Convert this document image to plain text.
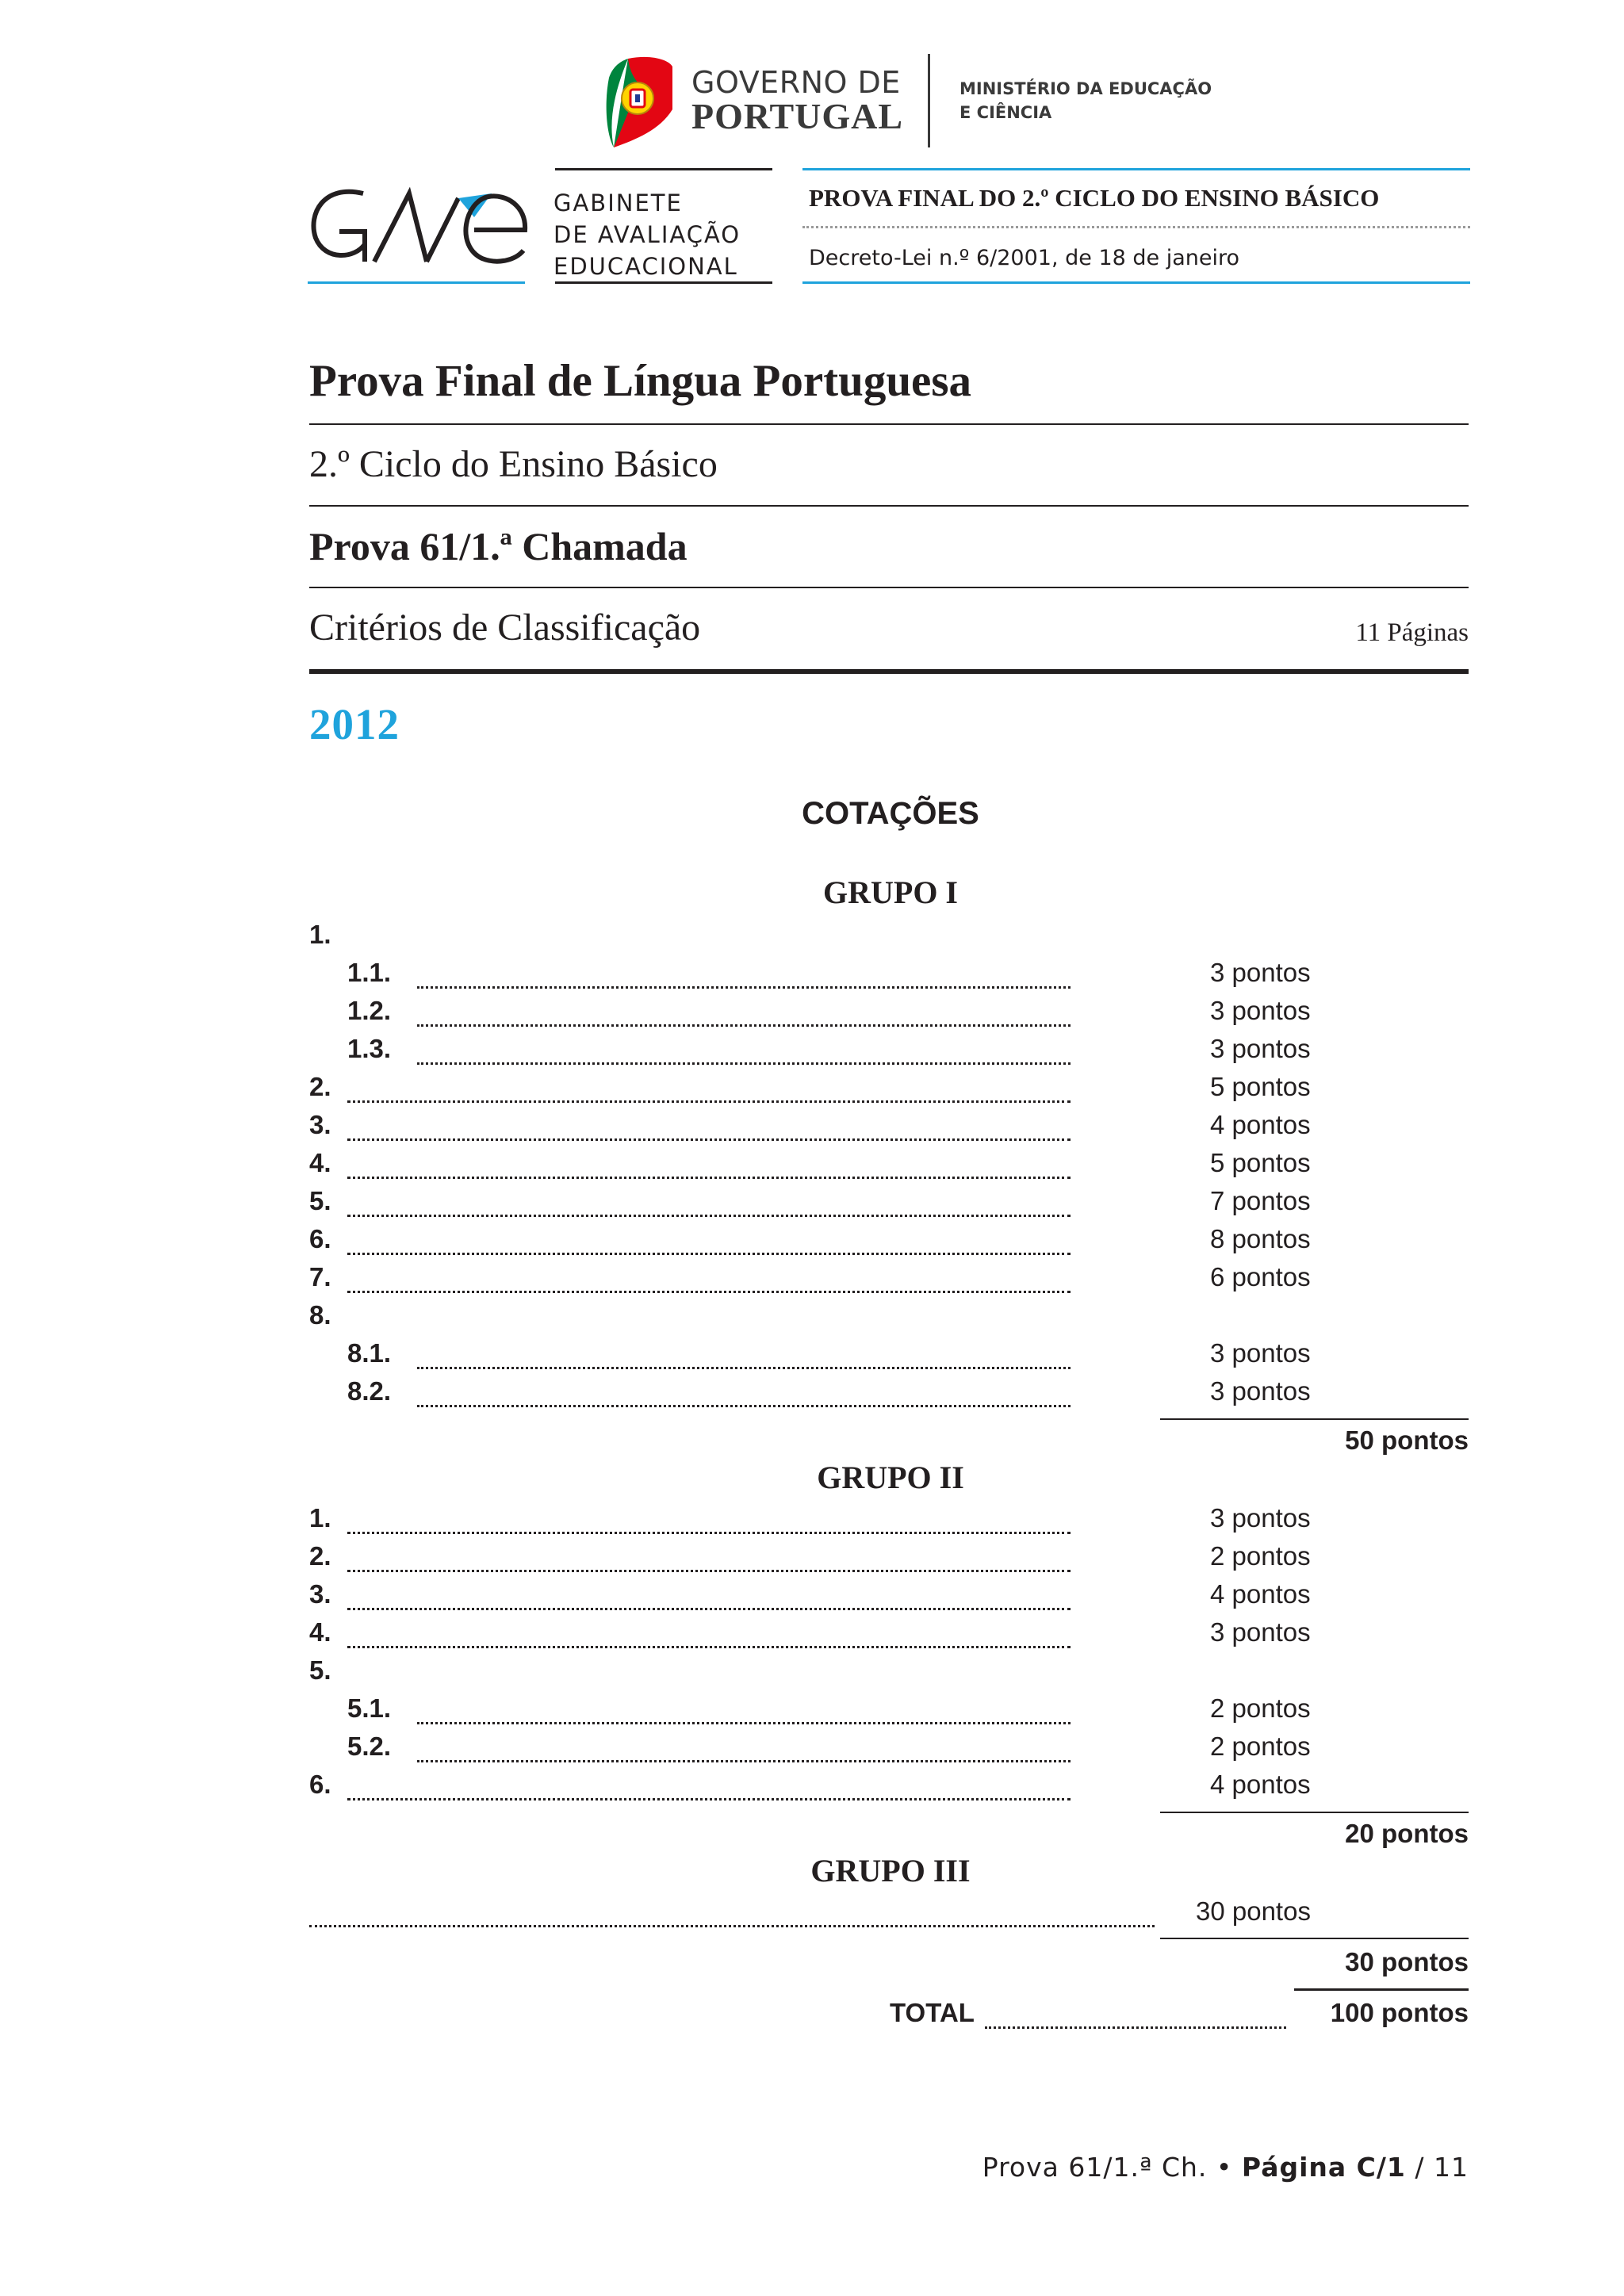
GOVERNO DE
PORTUGAL
MINISTÉRIO DA EDUCAÇÃO
E CIÊNCIA
GABINETE
DE AVALIAÇÃO
EDUCACIONAL
PROVA FINAL DO 2.º CICLO DO ENSINO BÁSICO
Decreto-Lei n.º 6/2001, de 18 de janeiro
Prova Final de Língua Portuguesa
2.º Ciclo do Ensino Básico
Prova 61/1.ª Chamada
Critérios de Classificação	11 Páginas
2012
COTAÇÕES
GRUPO I
1.
1.1.	3 pontos
1.2.	3 pontos
1.3.	3 pontos
2.	5 pontos
3.	4 pontos
4.	5 pontos
5.	7 pontos
6.	8 pontos
7.	6 pontos
8.
8.1.	3 pontos
8.2.	3 pontos
50 pontos
GRUPO II
1.	3 pontos
2.	2 pontos
3.	4 pontos
4.	3 pontos
5.
5.1.	2 pontos
5.2.	2 pontos
6.	4 pontos
20 pontos
GRUPO III
30 pontos
30 pontos
TOTAL	100 pontos
Prova 61/1.ª Ch. • Página C/1 / 11
